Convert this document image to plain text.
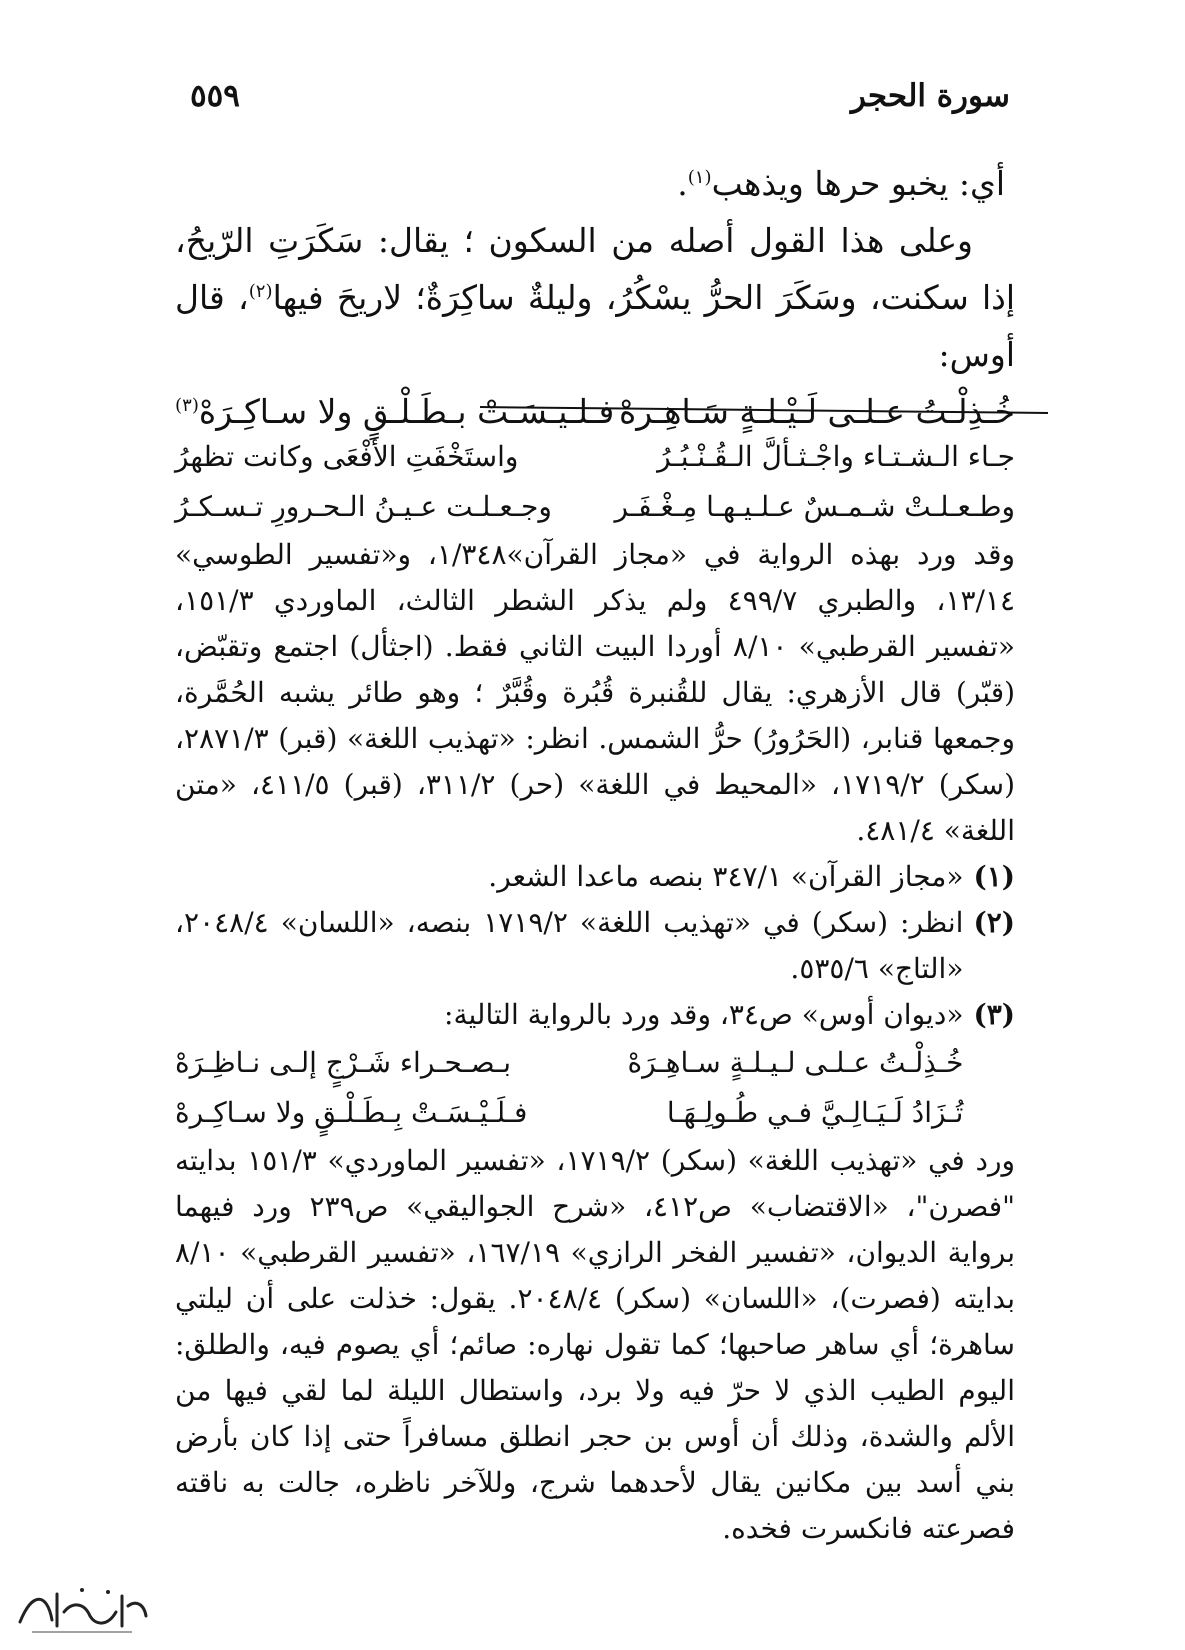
سورة الحجر
٥٥٩

أي: يخبو حرها ويذهب$^{(١)}$.

وعلى هذا القول أصله من السكون ؛ يقال: سَكَرَتِ الرّيحُ، إذا سكنت، وسَكَرَ الحرُّ يسْكُرُ، وليلةٌ ساكِرَةٌ؛ لاريحَ فيها$^{(٢)}$، قال أوس:

خُـذِلْـتُ عـلـى لَـيْـلـةٍ سَـاهِـرهْ
فـلـيـسَـتْ بـطَـلْـقٍ ولا سـاكِـرَهْ$^{(٣)}$
جـاء الـشـتـاء واجْـثـألَّ الـقُـنْـبُـرُ
واستَخْفَتِ الأفْعَى وكانت تظهرُ
وطـعـلـتْ شـمـسٌ عـلـيـهـا مِـغْـفَـر
وجـعـلـت عـيـنُ الـحـرورِ تـسـكـرُ

وقد ورد بهذه الرواية في «مجاز القرآن»١/٣٤٨، و«تفسير الطوسي» ١٣/١٤، والطبري ٤٩٩/٧ ولم يذكر الشطر الثالث، الماوردي ١٥١/٣، «تفسير القرطبي» ٨/١٠ أوردا البيت الثاني فقط. (اجثأل) اجتمع وتقبّض، (قبّر) قال الأزهري: يقال للقُنبرة قُبُرة وقُبَّرٌ ؛ وهو طائر يشبه الحُمَّرة، وجمعها قنابر، (الحَرُورُ) حرُّ الشمس. انظر: «تهذيب اللغة» (قبر) ٢٨٧١/٣، (سكر) ١٧١٩/٢، «المحيط في اللغة» (حر) ٣١١/٢، (قبر) ٤١١/٥، «متن اللغة» ٤٨١/٤.

(١)
«مجاز القرآن» ٣٤٧/١ بنصه ماعدا الشعر.
(٢)
انظر: (سكر) في «تهذيب اللغة» ١٧١٩/٢ بنصه، «اللسان» ٢٠٤٨/٤، «التاج» ٥٣٥/٦.
(٣)
«ديوان أوس» ص٣٤، وقد ورد بالرواية التالية:
خُـذِلْـتُ عـلـى لـيـلـةٍ سـاهِـرَهْ
بـصـحـراء شَـرْجٍ إلـى نـاظِـرَهْ
تُـزَادُ لَـيَـالِـيَّ فـي طُـولِـهَـا
فـلَـيْـسَـتْ بِـطَـلْـقٍ ولا سـاكِـرهْ

ورد في «تهذيب اللغة» (سكر) ١٧١٩/٢، «تفسير الماوردي» ١٥١/٣ بدايته "فصرن"، «الاقتضاب» ص٤١٢، «شرح الجواليقي» ص٢٣٩ ورد فيهما برواية الديوان، «تفسير الفخر الرازي» ١٦٧/١٩، «تفسير القرطبي» ٨/١٠ بدايته (فصرت)، «اللسان» (سكر) ٢٠٤٨/٤. يقول: خذلت على أن ليلتي ساهرة؛ أي ساهر صاحبها؛ كما تقول نهاره: صائم؛ أي يصوم فيه، والطلق: اليوم الطيب الذي لا حرّ فيه ولا برد، واستطال الليلة لما لقي فيها من الألم والشدة، وذلك أن أوس بن حجر انطلق مسافراً حتى إذا كان بأرض بني أسد بين مكانين يقال لأحدهما شرج، وللآخر ناظره، جالت به ناقته فصرعته فانكسرت فخده.
